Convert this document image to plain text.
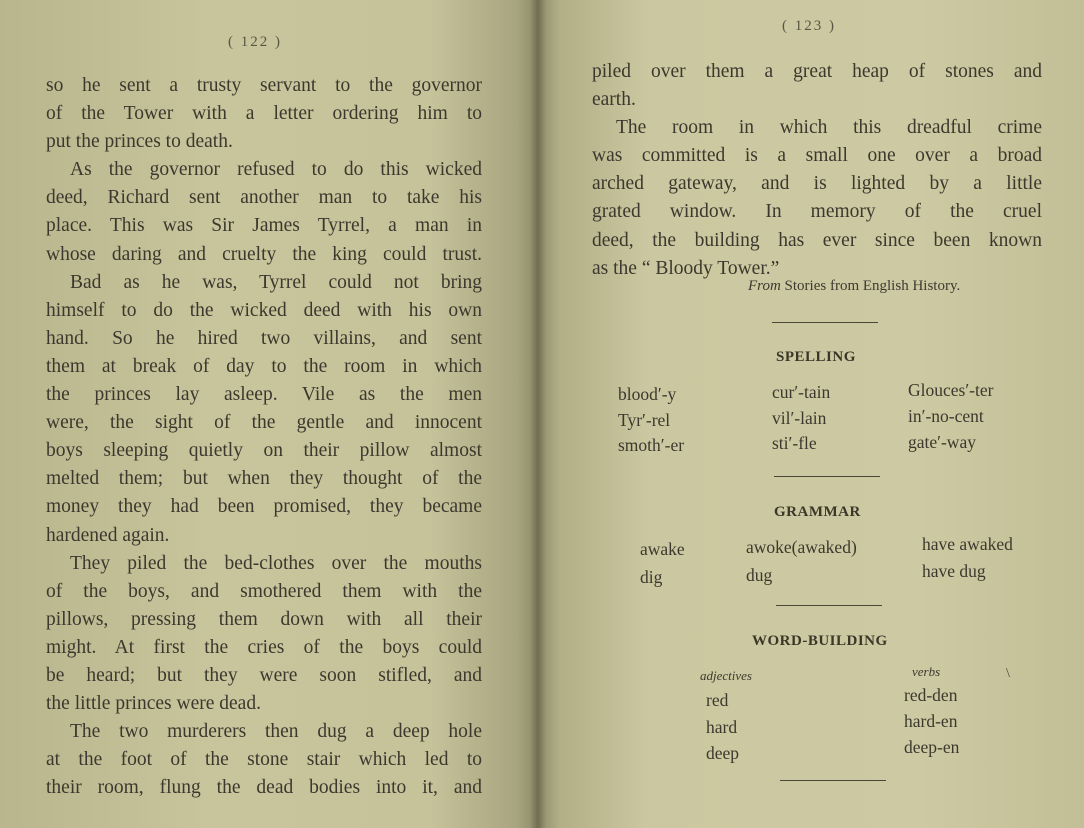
( 122 )
so he sent a trusty servant to the governor
of the Tower with a letter ordering him to
put the princes to death.
As the governor refused to do this wicked
deed, Richard sent another man to take his
place. This was Sir James Tyrrel, a man in
whose daring and cruelty the king could trust.
Bad as he was, Tyrrel could not bring
himself to do the wicked deed with his own
hand. So he hired two villains, and sent
them at break of day to the room in which
the princes lay asleep. Vile as the men
were, the sight of the gentle and innocent
boys sleeping quietly on their pillow almost
melted them; but when they thought of the
money they had been promised, they became
hardened again.
They piled the bed-clothes over the mouths
of the boys, and smothered them with the
pillows, pressing them down with all their
might. At first the cries of the boys could
be heard; but they were soon stifled, and
the little princes were dead.
The two murderers then dug a deep hole
at the foot of the stone stair which led to
their room, flung the dead bodies into it, and
( 123 )
piled over them a great heap of stones and
earth.
The room in which this dreadful crime
was committed is a small one over a broad
arched gateway, and is lighted by a little
grated window. In memory of the cruel
deed, the building has ever since been known
as the “ Bloody Tower.”
From Stories from English History.
SPELLING
blood′-y	cur′-tain	Glouces′-ter
Tyr′-rel	vil′-lain	in′-no-cent
smoth′-er	sti′-fle	gate′-way
GRAMMAR
awake	awoke(awaked)	have awaked
dig	dug	have dug
WORD-BUILDING
adjectives	verbs	\
red	red-den
hard	hard-en
deep	deep-en
